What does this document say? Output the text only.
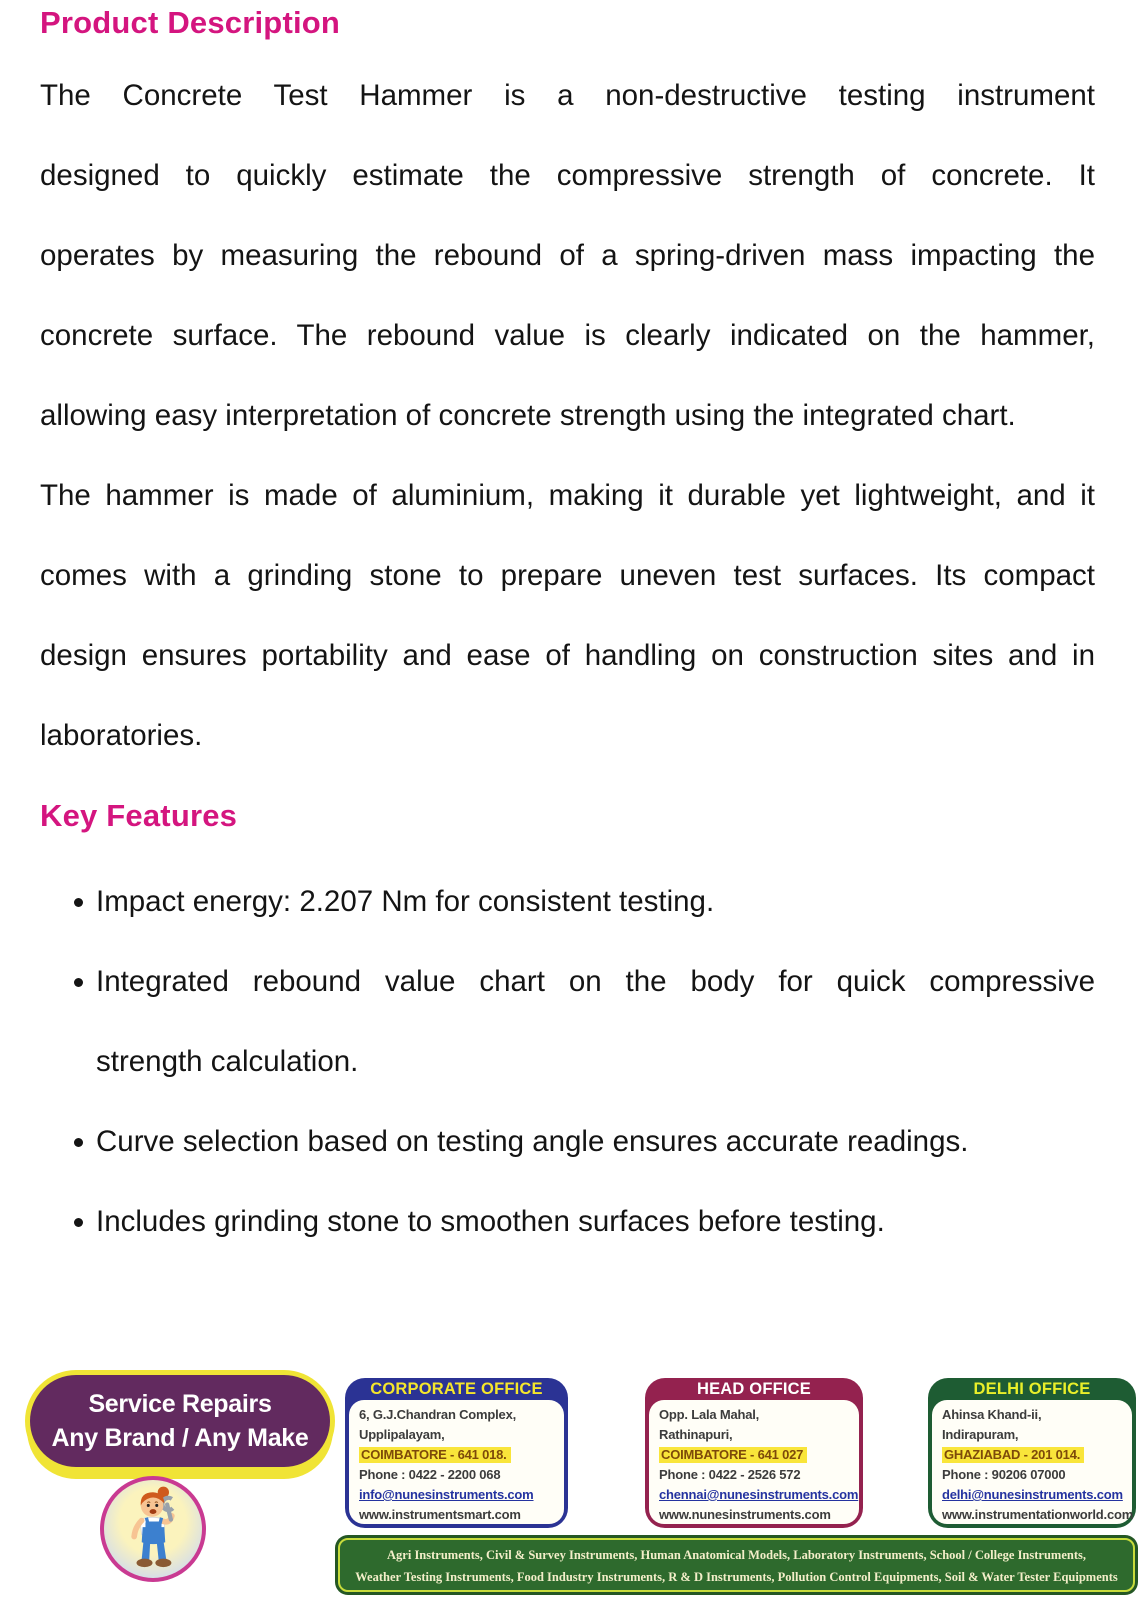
Product Description
The Concrete Test Hammer is a non-destructive testing instrument
designed to quickly estimate the compressive strength of concrete. It
operates by measuring the rebound of a spring-driven mass impacting the
concrete surface. The rebound value is clearly indicated on the hammer,
allowing easy interpretation of concrete strength using the integrated chart.
The hammer is made of aluminium, making it durable yet lightweight, and it
comes with a grinding stone to prepare uneven test surfaces. Its compact
design ensures portability and ease of handling on construction sites and in
laboratories.
Key Features
Impact energy: 2.207 Nm for consistent testing.
Integrated rebound value chart on the body for quick compressive
strength calculation.
Curve selection based on testing angle ensures accurate readings.
Includes grinding stone to smoothen surfaces before testing.
Service Repairs
Any Brand / Any Make
CORPORATE OFFICE
6, G.J.Chandran Complex,
Upplipalayam,
COIMBATORE - 641 018.
Phone : 0422 - 2200 068
info@nunesinstruments.com
www.instrumentsmart.com
HEAD OFFICE
Opp. Lala Mahal,
Rathinapuri,
COIMBATORE - 641 027
Phone : 0422 - 2526 572
chennai@nunesinstruments.com
www.nunesinstruments.com
DELHI OFFICE
Ahinsa Khand-ii,
Indirapuram,
GHAZIABAD - 201 014.
Phone : 90206 07000
delhi@nunesinstruments.com
www.instrumentationworld.com
Agri Instruments, Civil & Survey Instruments, Human Anatomical Models, Laboratory Instruments, School / College Instruments,
Weather Testing Instruments, Food Industry Instruments, R & D Instruments, Pollution Control Equipments, Soil & Water Tester Equipments
